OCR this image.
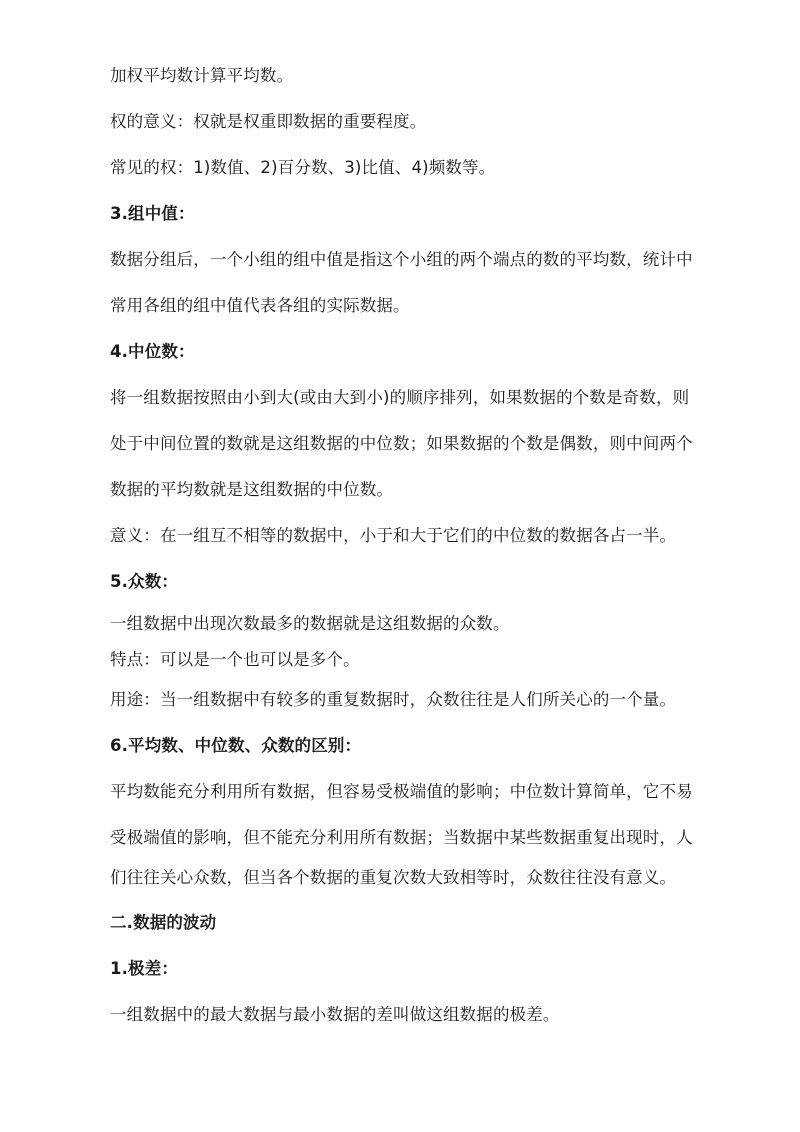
加权平均数计算平均数。
权的意义：权就是权重即数据的重要程度。
常见的权：1)数值、2)百分数、3)比值、4)频数等。
3.组中值：
数据分组后，一个小组的组中值是指这个小组的两个端点的数的平均数，统计中
常用各组的组中值代表各组的实际数据。
4.中位数：
将一组数据按照由小到大(或由大到小)的顺序排列，如果数据的个数是奇数，则
处于中间位置的数就是这组数据的中位数；如果数据的个数是偶数，则中间两个
数据的平均数就是这组数据的中位数。
意义：在一组互不相等的数据中，小于和大于它们的中位数的数据各占一半。
5.众数：
一组数据中出现次数最多的数据就是这组数据的众数。
特点：可以是一个也可以是多个。
用途：当一组数据中有较多的重复数据时，众数往往是人们所关心的一个量。
6.平均数、中位数、众数的区别：
平均数能充分利用所有数据，但容易受极端值的影响；中位数计算简单，它不易
受极端值的影响，但不能充分利用所有数据；当数据中某些数据重复出现时，人
们往往关心众数，但当各个数据的重复次数大致相等时，众数往往没有意义。
二.数据的波动
1.极差：
一组数据中的最大数据与最小数据的差叫做这组数据的极差。
